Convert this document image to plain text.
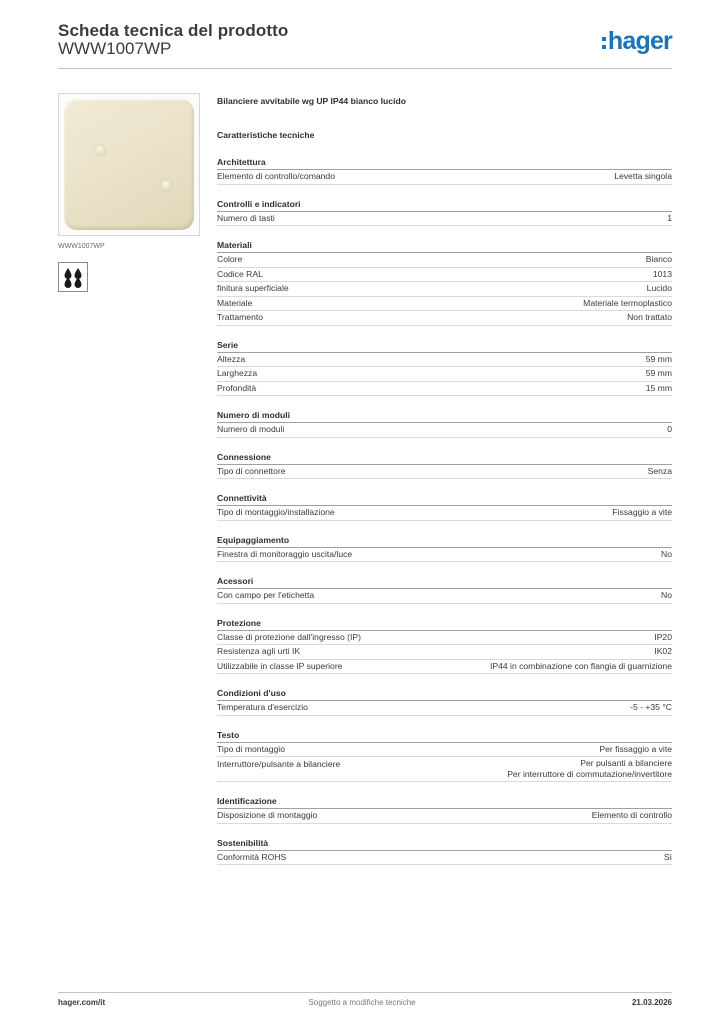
Scheda tecnica del prodotto
WWW1007WP	hager
WWW1007WP
Bilanciere avvitabile wg UP IP44 bianco lucido
Caratteristiche tecniche
Architettura
Elemento di controllo/comando	Levetta singola
Controlli e indicatori
Numero di tasti	1
Materiali
Colore	Bianco
Codice RAL	1013
finitura superficiale	Lucido
Materiale	Materiale termoplastico
Trattamento	Non trattato
Serie
Altezza	59 mm
Larghezza	59 mm
Profondità	15 mm
Numero di moduli
Numero di moduli	0
Connessione
Tipo di connettore	Senza
Connettività
Tipo di montaggio/installazione	Fissaggio a vite
Equipaggiamento
Finestra di monitoraggio uscita/luce	No
Acessori
Con campo per l'etichetta	No
Protezione
Classe di protezione dall'ingresso (IP)	IP20
Resistenza agli urti IK	IK02
Utilizzabile in classe IP superiore	IP44 in combinazione con flangia di guarnizione
Condizioni d'uso
Temperatura d'esercizio	-5 - +35 °C
Testo
Tipo di montaggio	Per fissaggio a vite
Interruttore/pulsante a bilanciere	Per pulsanti a bilanciere
Per interruttore di commutazione/invertitore
Identificazione
Disposizione di montaggio	Elemento di controllo
Sostenibilità
Conformità ROHS	Sì
hager.com/it	Soggetto a modifiche tecniche	21.03.2026
